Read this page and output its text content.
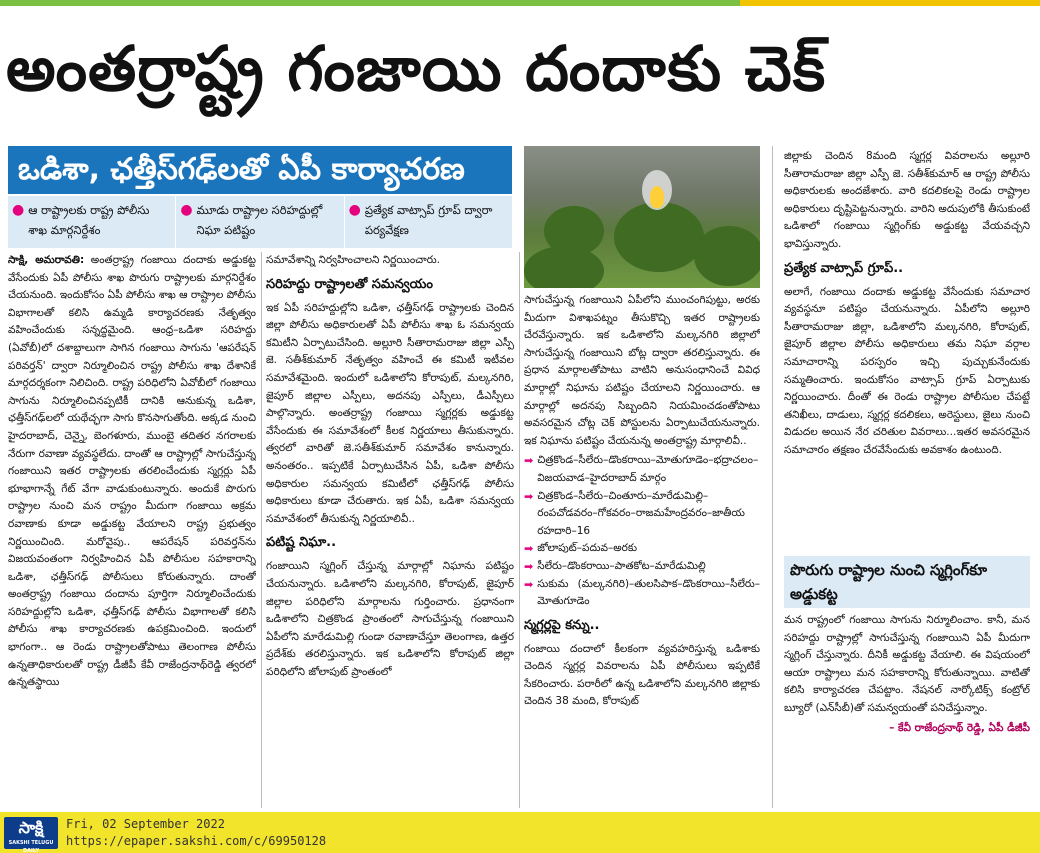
అంతర్రాష్ట్ర గంజాయి దందాకు చెక్
ఒడిశా, ఛత్తీస్‌గఢ్‌లతో ఏపీ కార్యాచరణ
● ఆ రాష్ట్రాలకు రాష్ట్ర పోలీసు శాఖ మార్గనిర్దేశం
● మూడు రాష్ట్రాల సరిహద్దుల్లో నిఘా పటిష్టం
● ప్రత్యేక వాట్సాప్‌ గ్రూప్‌ ద్వారా పర్యవేక్షణ

సాక్షి, అమరావతి: అంతర్రాష్ట్ర గంజాయి దందాకు అడ్డుకట్ట వేసేందుకు ఏపీ పోలీసు శాఖ పొరుగు రాష్ట్రాలకు మార్గనిర్దేశం చేయనుంది. ఇందుకోసం ఏపీ పోలీసు శాఖ ఆ రాష్ట్రాల పోలీసు విభాగాలతో కలిసి ఉమ్మడి కార్యాచరణకు నేతృత్వం వహించేందుకు సన్నద్ధమైంది. ఆంధ్ర–ఒడిశా సరిహద్దు (ఏవోబీ)లో దశాబ్దాలుగా సాగిన గంజాయి సాగును 'ఆపరేషన్‌ పరివర్తన్‌' ద్వారా నిర్మూలించిన రాష్ట్ర పోలీసు శాఖ దేశానికే మార్గదర్శకంగా నిలిచింది. రాష్ట్ర పరిధిలోని ఏవోబీలో గంజాయి సాగును నిర్మూలించినప్పటికీ దానికి ఆనుకున్న ఒడిశా, ఛత్తీస్‌గఢ్‌లలో యథేచ్ఛగా సాగు కొనసాగుతోంది. అక్కడ నుంచి హైదరాబాద్, చెన్నై, బెంగళూరు, ముంబై తదితర నగరాలకు నేరుగా రవాణా వ్యవస్థలేదు. దాంతో ఆ రాష్ట్రాల్లో సాగుచేస్తున్న గంజాయిని ఇతర రాష్ట్రాలకు తరలించేందుకు స్మగ్లర్లు ఏపీ భూభాగాన్నే గేట్‌ వేగా వాడుకుంటున్నారు. అందుకే పొరుగు రాష్ట్రాల నుంచి మన రాష్ట్రం మీదుగా గంజాయి అక్రమ రవాణాకు కూడా అడ్డుకట్ట వేయాలని రాష్ట్ర ప్రభుత్వం నిర్ణయించింది. మరోవైపు.. ఆపరేషన్‌ పరివర్తన్‌ను విజయవంతంగా నిర్వహించిన ఏపీ పోలీసుల సహకారాన్ని ఒడిశా, ఛత్తీస్‌గఢ్‌ పోలీసులు కోరుతున్నారు. దాంతో అంతర్రాష్ట్ర గంజాయి దందాను పూర్తిగా నిర్మూలించేందుకు సరిహద్దుల్లోని ఒడిశా, ఛత్తీస్‌గఢ్‌ పోలీసు విభాగాలతో కలిసి పోలీసు శాఖ కార్యాచరణకు ఉపక్రమించింది. ఇందులో భాగంగా.. ఆ రెండు రాష్ట్రాలతోపాటు తెలంగాణ పోలీసు ఉన్నతాధికారులతో రాష్ట్ర డీజీపీ కేవీ రాజేంద్రనాథ్‌రెడ్డి త్వరలో ఉన్నతస్థాయి

సమావేశాన్ని నిర్వహించాలని నిర్ణయించారు.

సరిహద్దు రాష్ట్రాలతో సమన్వయం

ఇక ఏపీ సరిహద్దుల్లోని ఒడిశా, ఛత్తీస్‌గఢ్‌ రాష్ట్రాలకు చెందిన జిల్లా పోలీసు అధికారులతో ఏపీ పోలీసు శాఖ ఓ సమన్వయ కమిటీని ఏర్పాటుచేసింది. అల్లూరి సీతారామరాజు జిల్లా ఎస్పీ జె. సతీశ్‌కుమార్‌ నేతృత్వం వహించే ఈ కమిటీ ఇటీవల సమావేశమైంది. ఇందులో ఒడిశాలోని కోరాపుట్, మల్కనగిరి, జైపూర్‌ జిల్లాల ఎస్పీలు, అదనపు ఎస్పీలు, డీఎస్పీలు పాల్గొన్నారు. అంతర్రాష్ట్ర గంజాయి స్మగ్లర్లకు అడ్డుకట్ట వేసేందుకు ఈ సమావేశంలో కీలక నిర్ణయాలు తీసుకున్నారు. త్వరలో వారితో జె.సతీశ్‌కుమార్‌ సమావేశం కానున్నారు. అనంతరం.. ఇప్పటికే ఏర్పాటుచేసిన ఏపీ, ఒడిశా పోలీసు అధికారుల సమన్వయ కమిటీలో ఛత్తీస్‌గఢ్‌ పోలీసు అధికారులు కూడా చేరుతారు. ఇక ఏపీ, ఒడిశా సమన్వయ సమావేశంలో తీసుకున్న నిర్ణయాలివీ..

పటిష్ట నిఘా..

గంజాయిని స్మగ్లింగ్‌ చేస్తున్న మార్గాల్లో నిఘాను పటిష్టం చేయనున్నారు. ఒడిశాలోని మల్కనగిరి, కోరాపుట్, జైపూర్‌ జిల్లాల పరిధిలోని మార్గాలను గుర్తించారు. ప్రధానంగా ఒడిశాలోని చిత్రకొండ ప్రాంతంలో సాగుచేస్తున్న గంజాయిని ఏపీలోని మారేడుమిల్లి గుండా రవాణాచేస్తూ తెలంగాణ, ఉత్తర ప్రదేశ్‌కు తరలిస్తున్నారు. ఇక ఒడిశాలోని కోరాపుట్‌ జిల్లా పరిధిలోని జోలాపుట్‌ ప్రాంతంలో

సాగుచేస్తున్న గంజాయిని ఏపీలోని ముంచంగిపుట్టు, అరకు మీదుగా విశాఖపట్నం తీసుకొచ్చి ఇతర రాష్ట్రాలకు చేరవేస్తున్నారు. ఇక ఒడిశాలోని మల్కనగిరి జిల్లాలో సాగుచేస్తున్న గంజాయిని బోట్ల ద్వారా తరలిస్తున్నారు. ఈ ప్రధాన మార్గాలతోపాటు వాటిని అనుసంధానించే వివిధ మార్గాల్లో నిఘాను పటిష్టం చేయాలని నిర్ణయించారు. ఆ మార్గాల్లో అదనపు సిబ్బందిని నియమించడంతోపాటు అవసరమైన చోట్ల చెక్‌ పోస్టులను ఏర్పాటుచేయనున్నారు. ఇక నిఘాను పటిష్టం చేయనున్న అంతర్రాష్ట్ర మార్గాలివీ..

➡ చిత్రకొండ–సీలేరు–డొంకరాయి–మోతుగూడెం–భద్రాచలం–విజయవాడ–హైదరాబాద్‌ మార్గం
➡ చిత్రకొండ–సీలేరు–చింతూరు–మారేడుమిల్లి–రంపచోడవరం–గోకవరం–రాజమహేంద్రవరం–జాతీయ రహదారి–16
➡ జోలాపుట్–పదువ–అరకు
➡ సీలేరు–డొంకరాయి–పాతకోట–మారేడుమిల్లి
➡ సుకుమ (మల్కనగిరి)–తులసిపాక–డొంకరాయి–సీలేరు–మోతుగూడెం
స్మగ్లర్లపై కన్ను..

గంజాయి దందాలో కీలకంగా వ్యవహరిస్తున్న ఒడిశాకు చెందిన స్మగ్లర్ల వివరాలను ఏపీ పోలీసులు ఇప్పటికే సేకరించారు. పరారీలో ఉన్న ఒడిశాలోని మల్కనగిరి జిల్లాకు చెందిన 38 మంది, కోరాపుట్‌

జిల్లాకు చెందిన 8మంది స్మగ్లర్ల వివరాలను అల్లూరి సీతారామరాజు జిల్లా ఎస్పీ జె. సతీశ్‌కుమార్‌ ఆ రాష్ట్ర పోలీసు అధికారులకు అందజేశారు. వారి కదలికలపై రెండు రాష్ట్రాల అధికారులు దృష్టిపెట్టనున్నారు. వారిని అదుపులోకి తీసుకుంటే ఒడిశాలో గంజాయి స్మగ్లింగ్‌కు అడ్డుకట్ట వేయవచ్చని భావిస్తున్నారు.

ప్రత్యేక వాట్సాప్‌ గ్రూప్‌..

అలాగే, గంజాయి దందాకు అడ్డుకట్ట వేసేందుకు సమాచార వ్యవస్థనూ పటిష్టం చేయనున్నారు. ఏపీలోని అల్లూరి సీతారామరాజు జిల్లా, ఒడిశాలోని మల్కనగిరి, కోరాపుట్, జైపూర్‌ జిల్లాల పోలీసు అధికారులు తమ నిఘా వర్గాల సమాచారాన్ని పరస్పరం ఇచ్చి పుచ్చుకునేందుకు సమ్మతించారు. ఇందుకోసం వాట్సాప్‌ గ్రూప్‌ ఏర్పాటుకు నిర్ణయించారు. దీంతో ఈ రెండు రాష్ట్రాల పోలీసుల చేపట్టే తనిఖీలు, దాడులు, స్మగ్లర్ల కదలికలు, అరెస్టులు, జైలు నుంచి విడుదల అయిన నేర చరితుల వివరాలు...ఇతర అవసరమైన సమాచారం తక్షణం చేరవేసేందుకు అవకాశం ఉంటుంది.

పొరుగు రాష్ట్రాల నుంచి స్మగ్లింగ్‌కూ అడ్డుకట్ట

మన రాష్ట్రంలో గంజాయి సాగును నిర్మూలించాం. కానీ, మన సరిహద్దు రాష్ట్రాల్లో సాగుచేస్తున్న గంజాయిని ఏపీ మీదుగా స్మగ్లింగ్‌ చేస్తున్నారు. దీనికీ అడ్డుకట్ట వేయాలి. ఈ విషయంలో ఆయా రాష్ట్రాలు మన సహకారాన్ని కోరుతున్నాయి. వాటితో కలిసి కార్యాచరణ చేపట్టాం. నేషనల్‌ నార్కోటిక్స్‌ కంట్రోల్‌ బ్యూరో (ఎన్‌సీబీ)తో సమన్వయంతో పనిచేస్తున్నాం.

– కేవీ రాజేంద్రనాథ్‌ రెడ్డి, ఏపీ డీజీపీ

సాక్షి
SAKSHI TELUGU DAILY
Fri, 02 September 2022
https://epaper.sakshi.com/c/69950128
